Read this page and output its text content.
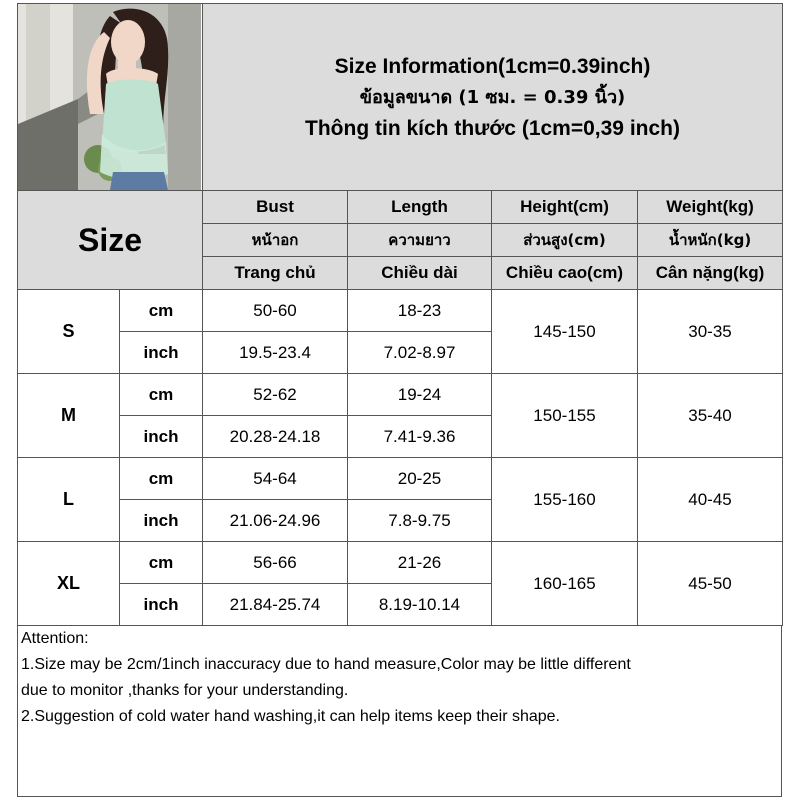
Size Information(1cm=0.39inch)
ข้อมูลขนาด (1 ซม. = 0.39 นิ้ว)
Thông tin kích thước (1cm=0,39 inch)			

Size		Bust	Length	Height(cm)	Weight(kg)
		หน้าอก	ความยาว	ส่วนสูง(cm)	น้ำหนัก(kg)
		Trang chủ	Chiều dài	Chiều cao(cm)	Cân nặng(kg)
S	cm	50-60	18-23	145-150	30-35
	inch	19.5-23.4	7.02-8.97		
M	cm	52-62	19-24	150-155	35-40
	inch	20.28-24.18	7.41-9.36		
L	cm	54-64	20-25	155-160	40-45
	inch	21.06-24.96	7.8-9.75		
XL	cm	56-66	21-26	160-165	45-50
	inch	21.84-25.74	8.19-10.14		
Attention:
1.Size may be 2cm/1inch inaccuracy due to hand measure,Color may be little different
due to monitor ,thanks for your understanding.
2.Suggestion of cold water hand washing,it can help items keep their shape.
